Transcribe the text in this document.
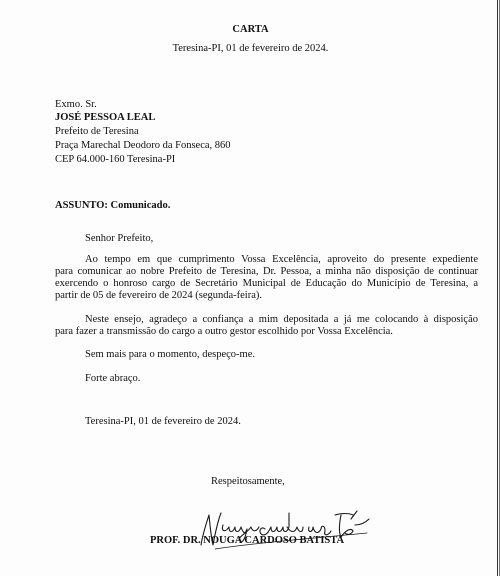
CARTA
Teresina-PI, 01 de fevereiro de 2024.
Exmo. Sr.
JOSÉ PESSOA LEAL
Prefeito de Teresina
Praça Marechal Deodoro da Fonseca, 860
CEP 64.000-160 Teresina-PI
ASSUNTO: Comunicado.
Senhor Prefeito,
Ao tempo em que cumprimento Vossa Excelência, aproveito do presente expediente
para comunicar ao nobre Prefeito de Teresina, Dr. Pessoa, a minha não disposição de continuar
exercendo o honroso cargo de Secretário Municipal de Educação do Município de Teresina, a
partir de 05 de fevereiro de 2024 (segunda-feira).
Neste ensejo, agradeço a confiança a mim depositada a já me colocando à disposição
para fazer a transmissão do cargo a outro gestor escolhido por Vossa Excelência.
Sem mais para o momento, despeço-me.
Forte abraço.
Teresina-PI, 01 de fevereiro de 2024.
Respeitosamente,
PROF. DR. NOUGA CARDOSO BATISTA
